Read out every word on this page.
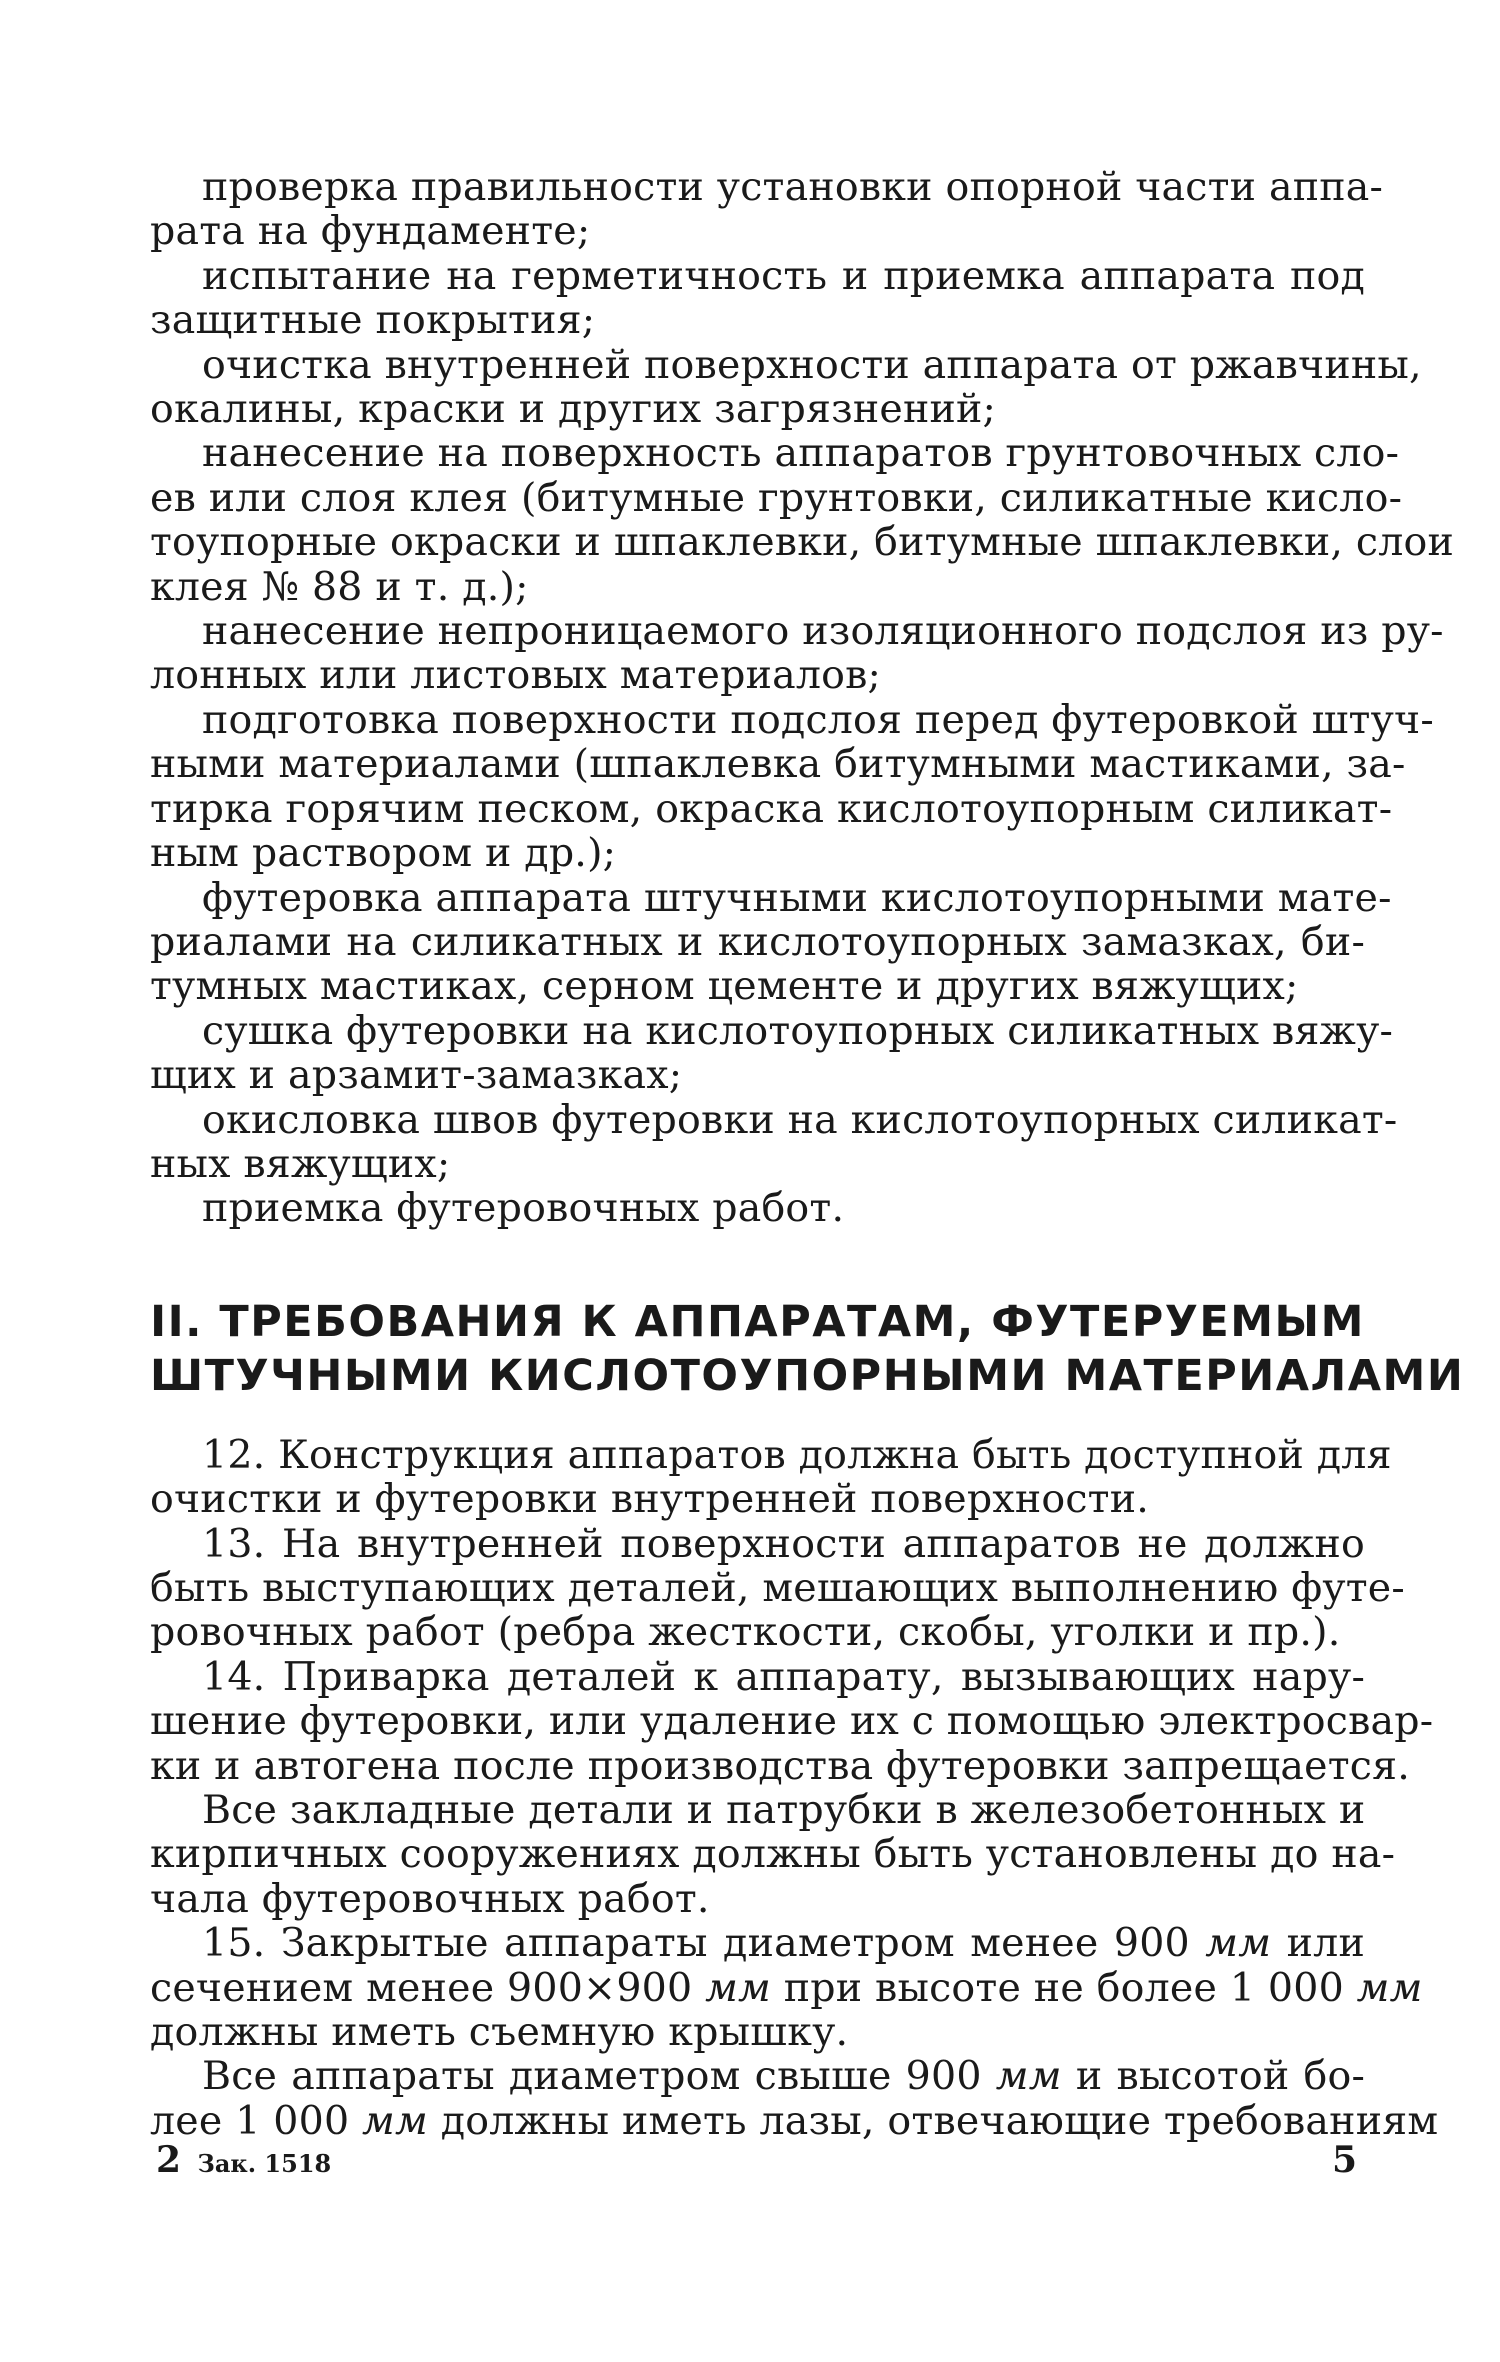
проверка правильности установки опорной части аппа-
рата на фундаменте;
испытание на герметичность и приемка аппарата под
защитные покрытия;
очистка внутренней поверхности аппарата от ржавчины,
окалины, краски и других загрязнений;
нанесение на поверхность аппаратов грунтовочных сло-
ев или слоя клея (битумные грунтовки, силикатные кисло-
тоупорные окраски и шпаклевки, битумные шпаклевки, слои
клея № 88 и т. д.);
нанесение непроницаемого изоляционного подслоя из ру-
лонных или листовых материалов;
подготовка поверхности подслоя перед футеровкой штуч-
ными материалами (шпаклевка битумными мастиками, за-
тирка горячим песком, окраска кислотоупорным силикат-
ным раствором и др.);
футеровка аппарата штучными кислотоупорными мате-
риалами на силикатных и кислотоупорных замазках, би-
тумных мастиках, серном цементе и других вяжущих;
сушка футеровки на кислотоупорных силикатных вяжу-
щих и арзамит-замазках;
окисловка швов футеровки на кислотоупорных силикат-
ных вяжущих;
приемка футеровочных работ.
II. ТРЕБОВАНИЯ К АППАРАТАМ, ФУТЕРУЕМЫМ
ШТУЧНЫМИ КИСЛОТОУПОРНЫМИ МАТЕРИАЛАМИ
12. Конструкция аппаратов должна быть доступной для
очистки и футеровки внутренней поверхности.
13. На внутренней поверхности аппаратов не должно
быть выступающих деталей, мешающих выполнению футе-
ровочных работ (ребра жесткости, скобы, уголки и пр.).
14. Приварка деталей к аппарату, вызывающих нару-
шение футеровки, или удаление их с помощью электросвар-
ки и автогена после производства футеровки запрещается.
Все закладные детали и патрубки в железобетонных и
кирпичных сооружениях должны быть установлены до на-
чала футеровочных работ.
15. Закрытые аппараты диаметром менее 900 мм или
сечением менее 900×900 мм при высоте не более 1 000 мм
должны иметь съемную крышку.
Все аппараты диаметром свыше 900 мм и высотой бо-
лее 1 000 мм должны иметь лазы, отвечающие требованиям
2 Зак. 1518	5
